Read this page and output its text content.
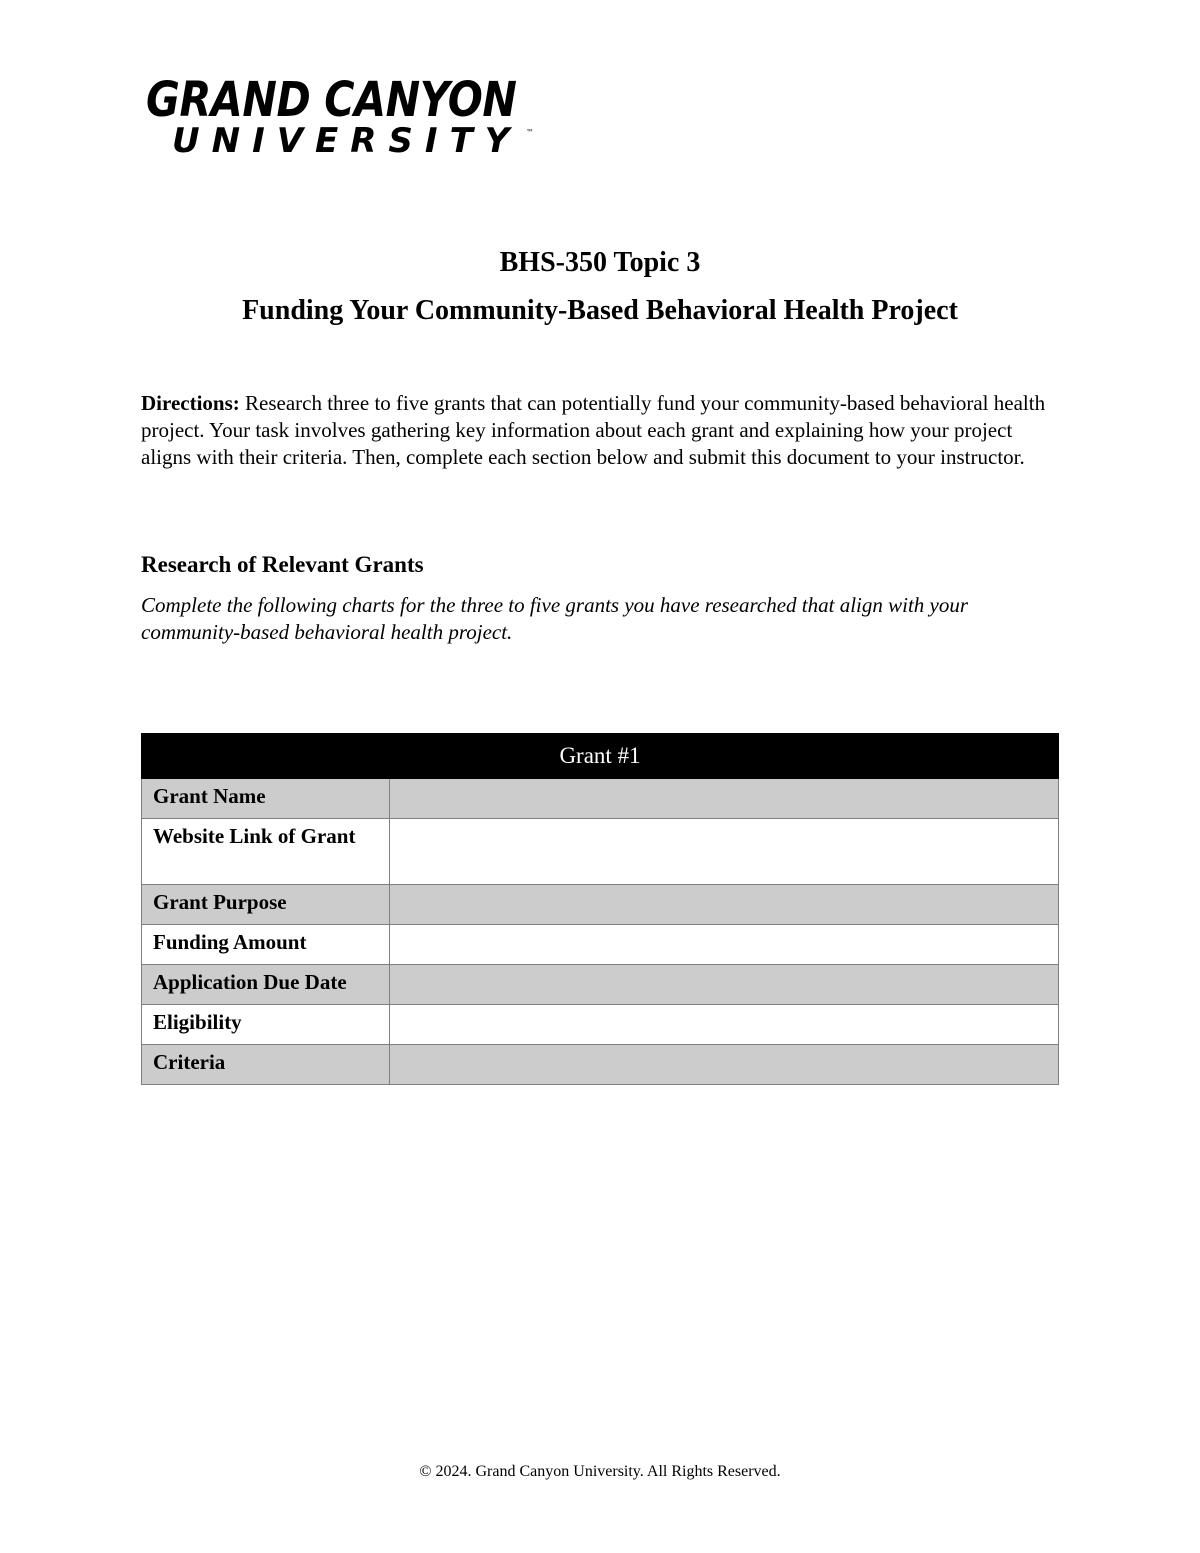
GRAND CANYON
UNIVERSITY ™
BHS-350 Topic 3
Funding Your Community-Based Behavioral Health Project
Directions: Research three to five grants that can potentially fund your community-based behavioral health project. Your task involves gathering key information about each grant and explaining how your project aligns with their criteria. Then, complete each section below and submit this document to your instructor.
Research of Relevant Grants
Complete the following charts for the three to five grants you have researched that align with your community-based behavioral health project.
Grant #1	
Grant Name	
Website Link of Grant	
Grant Purpose	
Funding Amount	
Application Due Date	
Eligibility	
Criteria	
© 2024. Grand Canyon University. All Rights Reserved.
